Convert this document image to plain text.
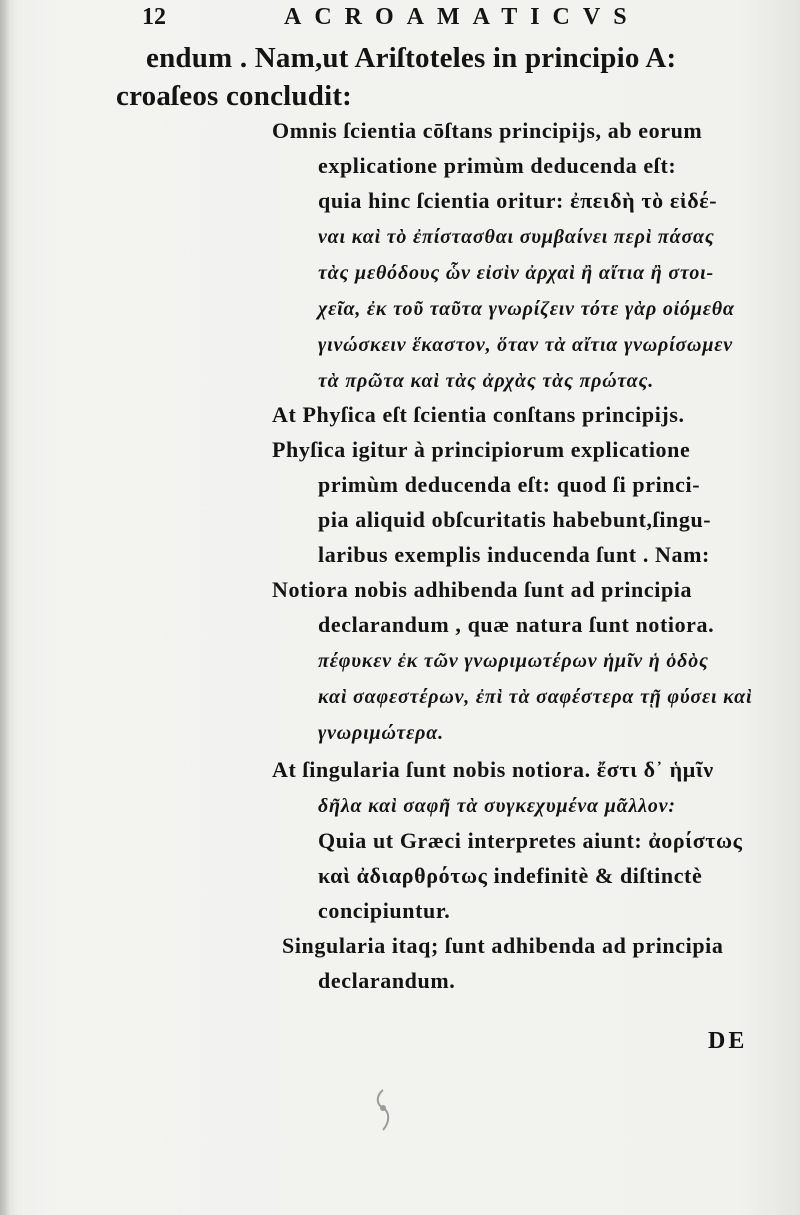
12	ACROAMATICVS
endum . Nam,ut Ariſtoteles in principio A:
croaſeos concludit:
Omnis ſcientia cōſtans principijs, ab eorum
explicatione primùm deducenda eſt:
quia hinc ſcientia oritur: ἐπειδὴ τὸ εἰδέ-
ναι καὶ τὸ ἐπίστασθαι συμβαίνει περὶ πάσας
τὰς μεθόδους ὧν εἰσὶν ἀρχαὶ ἢ αἴτια ἢ στοι-
χεῖα, ἐκ τοῦ ταῦτα γνωρίζειν τότε γὰρ οἰόμεθα
γινώσκειν ἕκαστον, ὅταν τὰ αἴτια γνωρίσωμεν
τὰ πρῶτα καὶ τὰς ἀρχὰς τὰς πρώτας.
At Phyſica eſt ſcientia conſtans principijs.
Phyſica igitur à principiorum explicatione
primùm deducenda eſt: quod ſi princi-
pia aliquid obſcuritatis habebunt,ſingu-
laribus exemplis inducenda ſunt . Nam:
Notiora nobis adhibenda ſunt ad principia
declarandum , quæ natura ſunt notiora.
πέφυκεν ἐκ τῶν γνωριμωτέρων ἡμῖν ἡ ὁδὸς
καὶ σαφεστέρων, ἐπὶ τὰ σαφέστερα τῇ φύσει καὶ
γνωριμώτερα.
At ſingularia ſunt nobis notiora. ἔστι δ᾽ ἡμῖν
δῆλα καὶ σαφῆ τὰ συγκεχυμένα μᾶλλον:
Quia ut Græci interpretes aiunt: ἀορίστως
καὶ ἀδιαρθρότως indefinitè & diſtinctè
concipiuntur.
Singularia itaq; ſunt adhibenda ad principia
declarandum.
DE
